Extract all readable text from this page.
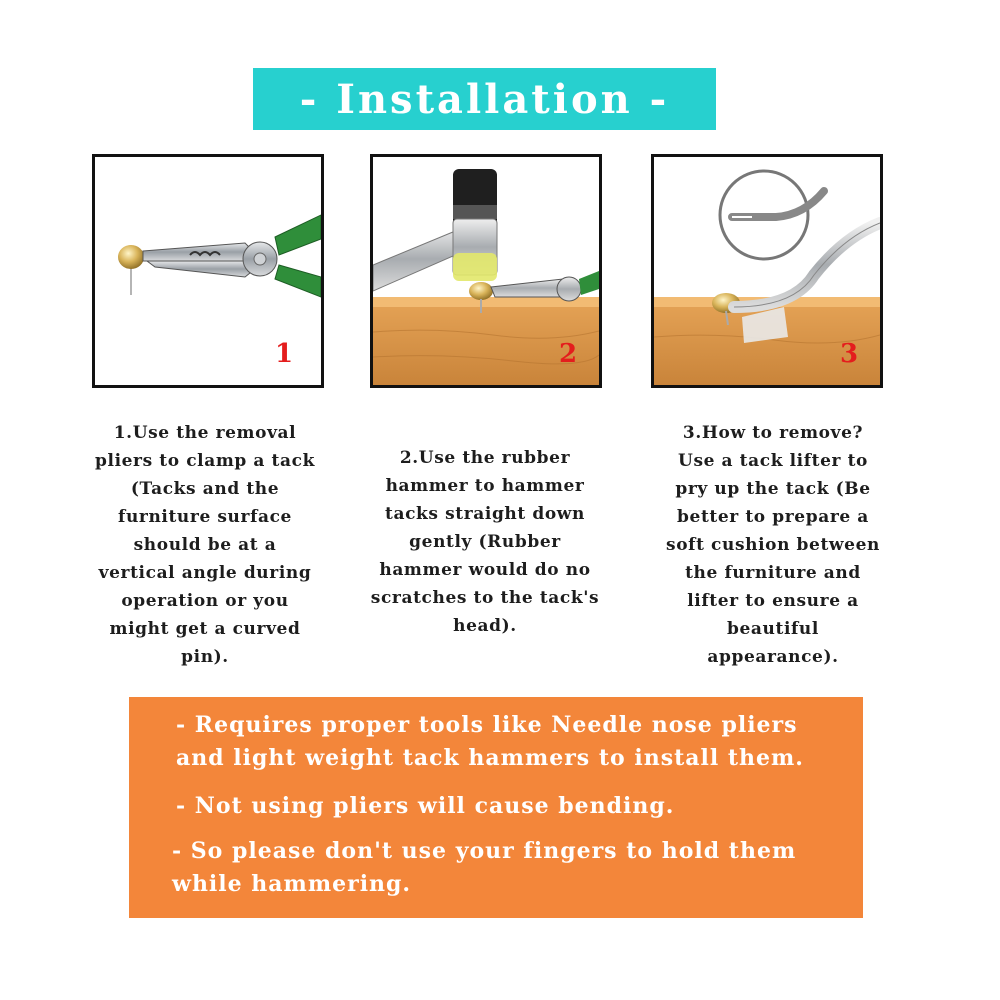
- Installation -
1	2	3
1.Use the removal
pliers to clamp a tack
(Tacks and the
furniture surface
should be at a
vertical angle during
operation or you
might get a curved
pin).
2.Use the rubber
hammer to hammer
tacks straight down
gently (Rubber
hammer would do no
scratches to the tack's
head).
3.How to remove?
Use a tack lifter to
pry up the tack (Be
better to prepare a
soft cushion between
the furniture and
lifter to ensure a
beautiful
appearance).
- Requires proper tools like Needle nose pliers
and light weight tack hammers to install them.
- Not using pliers will cause bending.
- So please don't use your fingers to hold them
while hammering.
